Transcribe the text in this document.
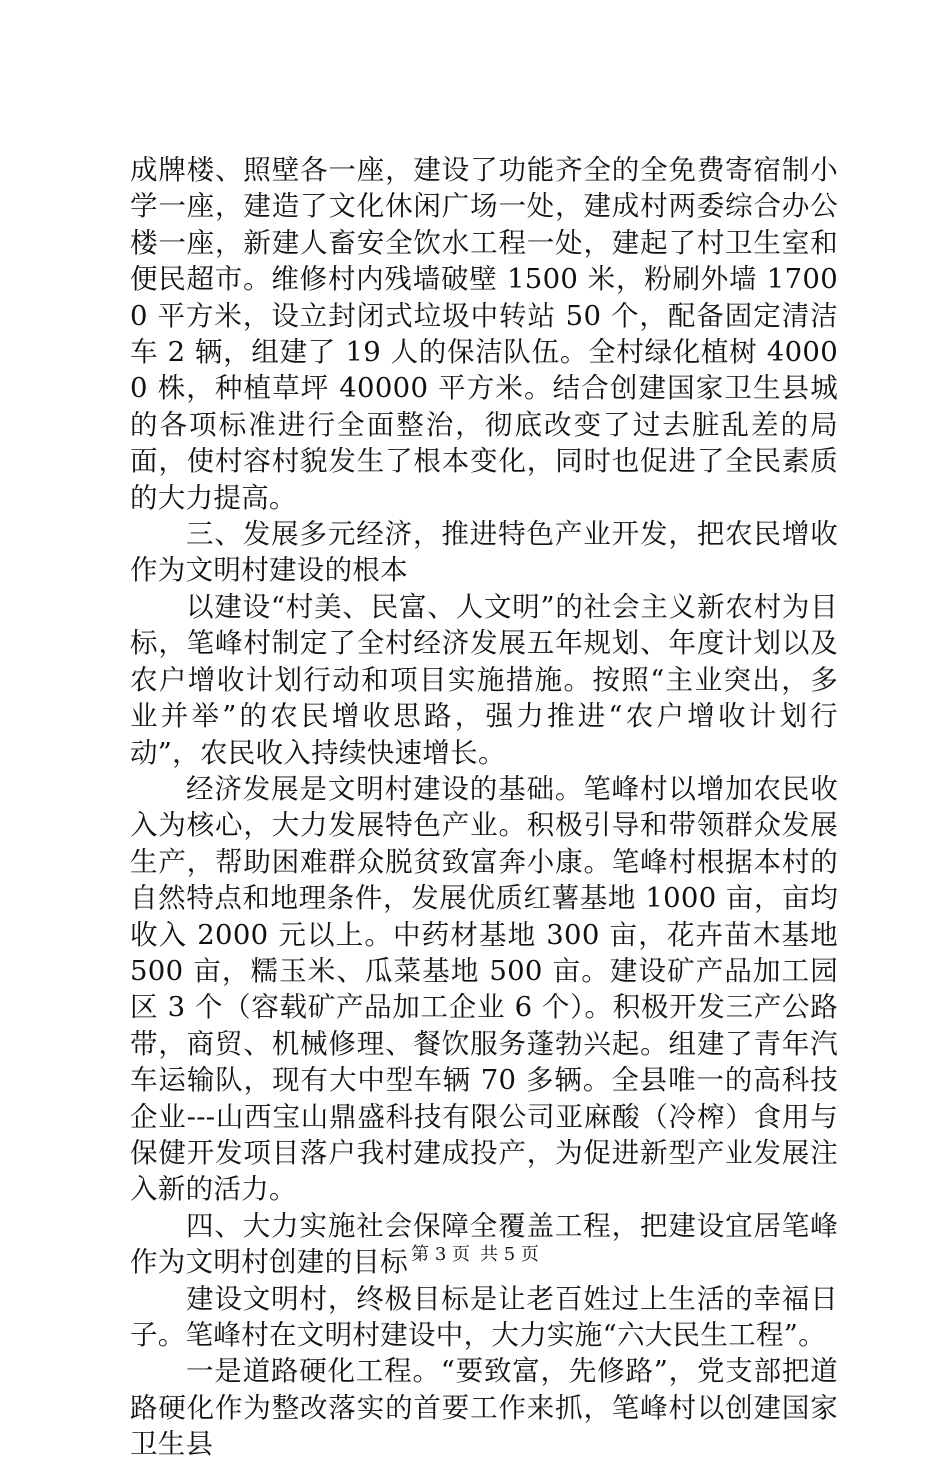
成牌楼、照壁各一座，建设了功能齐全的全免费寄宿制小学一座，建造了文化休闲广场一处，建成村两委综合办公楼一座，新建人畜安全饮水工程一处，建起了村卫生室和便民超市。维修村内残墙破壁 1500 米，粉刷外墙 17000 平方米，设立封闭式垃圾中转站 50 个，配备固定清洁车 2 辆，组建了 19 人的保洁队伍。全村绿化植树 40000 株，种植草坪 40000 平方米。结合创建国家卫生县城的各项标准进行全面整治，彻底改变了过去脏乱差的局面，使村容村貌发生了根本变化，同时也促进了全民素质的大力提高。

三、发展多元经济，推进特色产业开发，把农民增收作为文明村建设的根本

以建设“村美、民富、人文明”的社会主义新农村为目标，笔峰村制定了全村经济发展五年规划、年度计划以及农户增收计划行动和项目实施措施。按照“主业突出，多业并举”的农民增收思路，强力推进“农户增收计划行动”，农民收入持续快速增长。

经济发展是文明村建设的基础。笔峰村以增加农民收入为核心，大力发展特色产业。积极引导和带领群众发展生产，帮助困难群众脱贫致富奔小康。笔峰村根据本村的自然特点和地理条件，发展优质红薯基地 1000 亩，亩均收入 2000 元以上。中药材基地 300 亩，花卉苗木基地 500 亩，糯玉米、瓜菜基地 500 亩。建设矿产品加工园区 3 个（容载矿产品加工企业 6 个）。积极开发三产公路带，商贸、机械修理、餐饮服务蓬勃兴起。组建了青年汽车运输队，现有大中型车辆 70 多辆。全县唯一的高科技企业---山西宝山鼎盛科技有限公司亚麻酸（冷榨）食用与保健开发项目落户我村建成投产，为促进新型产业发展注入新的活力。

四、大力实施社会保障全覆盖工程，把建设宜居笔峰作为文明村创建的目标

建设文明村，终极目标是让老百姓过上生活的幸福日子。笔峰村在文明村建设中，大力实施“六大民生工程”。

一是道路硬化工程。“要致富，先修路”，党支部把道路硬化作为整改落实的首要工作来抓，笔峰村以创建国家卫生县

第 3 页 共 5 页
